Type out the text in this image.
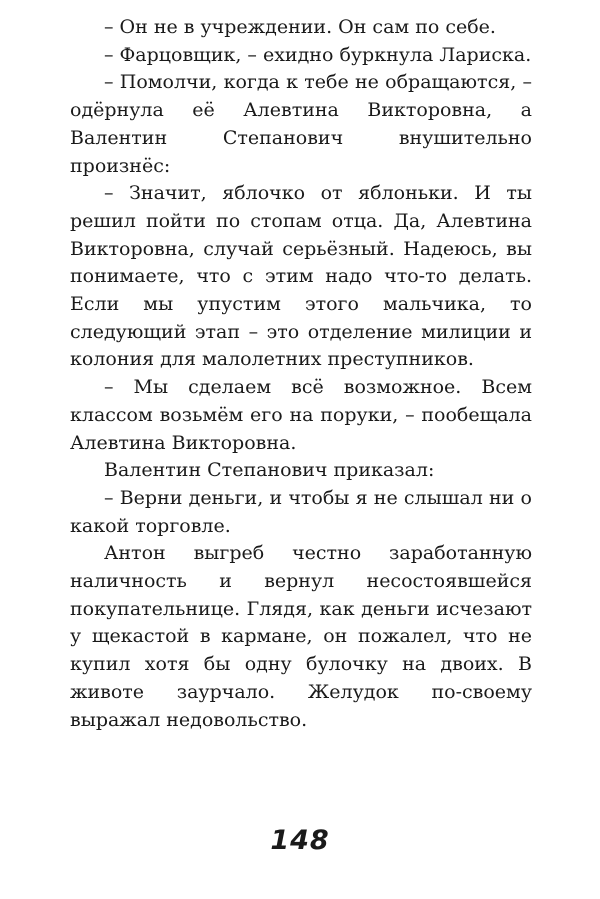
– Он не в учреждении. Он сам по себе.

– Фарцовщик, – ехидно буркнула Лариска.

– Помолчи, когда к тебе не обращаются, – одёрнула её Алевтина Викторовна, а Валентин Степанович внушительно произнёс:

– Значит, яблочко от яблоньки. И ты решил пойти по стопам отца. Да, Алевтина Викторовна, случай серьёзный. Надеюсь, вы понимаете, что с этим надо что-то делать. Если мы упустим этого мальчика, то следующий этап – это отделение милиции и колония для малолетних преступников.

– Мы сделаем всё возможное. Всем классом возьмём его на поруки, – пообещала Алевтина Викторовна.

Валентин Степанович приказал:

– Верни деньги, и чтобы я не слышал ни о какой торговле.

Антон выгреб честно заработанную наличность и вернул несостоявшейся покупательнице. Глядя, как деньги исчезают у щекастой в кармане, он пожалел, что не купил хотя бы одну булочку на двоих. В животе заурчало. Желудок по-своему выражал недовольство.

148
